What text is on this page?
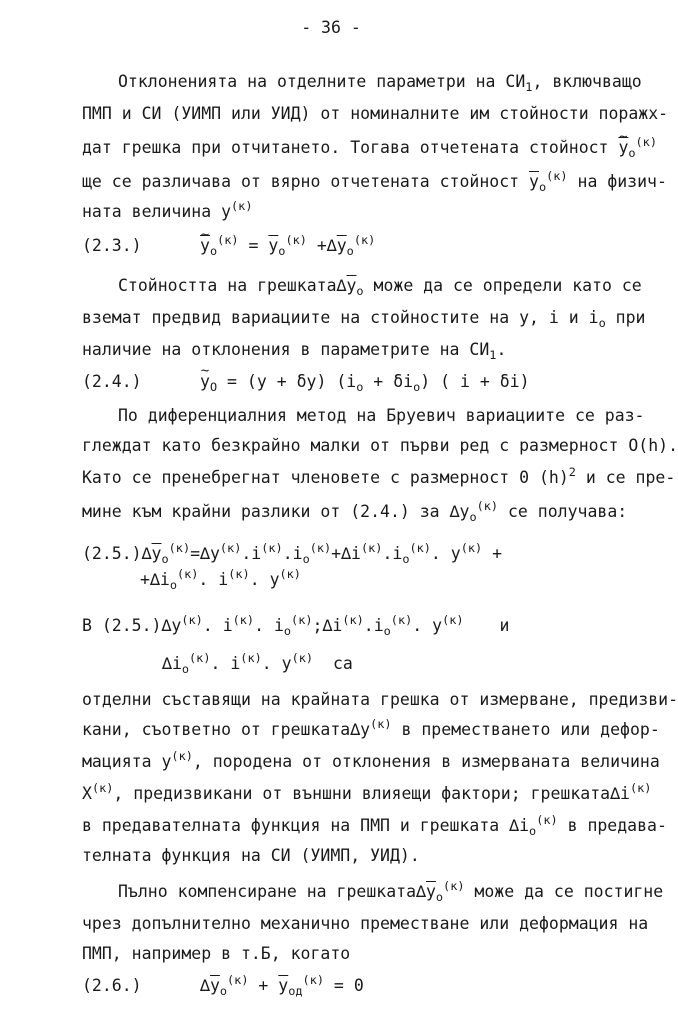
- 36 -
Отклоненията на отделните параметри на $СИ_1$, включващо
ПМП и СИ (УИМП или УИД) от номиналните им стойности поражх-
дат грешка при отчитането. Тогава отчетената стойност ~ $\overline{y}_o^{(к)}$
ще се различава от вярно отчетената стойност $\overline{y}_o^{(к)}$ на физич-
ната величина $y^{(к)}$
(2.3.)	~ $\overline{y}_o^{(к)} = \overline{y}_o^{(к)} +\Delta\overline{y}_o^{(к)}$
Стойността на $грешката\Delta\overline{y}_o$ може да се определи като се
вземат предвид вариациите на стойностите на у, i и $i_o$ при
наличие на отклонения в параметрите на $СИ_1$.
(2.4.)	~ $y_O = (y + \delta y) (i_o + \delta i_o)$ ( i + δi)
По диференциалния метод на Бруевич вариациите се раз-
глеждат като безкрайно малки от първи ред с размерност O(h).
Като се пренебрегнат членовете с размерност 0 $(h)^2$ и се пре-
мине към крайни разлики от (2.4.) за $\Delta y_o^{(к)}$ се получава:
$(2.5.)\Delta\overline{y}_o^{(к)}=\Delta y^{(к)}.i^{(к)}.i_o^{(к)}+\Delta i^{(к)}.i_o^{(к)}$. $y^{(к)}$ +
$+\Delta i_o^{(к)}$. $i^{(к)}$. $y^{(к)}$
В $(2.5.)\Delta y^{(к)}$. $i^{(к)}$. $i_o^{(к)};\Delta i^{(к)}.i_o^{(к)}$. $y^{(к)}$ и
$\Delta i_o^{(к)}$. $i^{(к)}$. $y^{(к)}$ са
отделни съставящи на крайната грешка от измерване, предизви-
кани, съответно от $грешката\Delta y^{(к)}$ в преместването или дефор-
мацията $y^{(к)}$, породена от отклонения в измерваната величина
$X^{(к)}$, предизвикани от външни влияещи фактори; $грешката\Delta i^{(к)}$
в предавателната функция на ПМП и грешката $\Delta i_o^{(к)}$ в предава-
телната функция на СИ (УИМП, УИД).
Пълно компенсиране на $грешката\Delta\overline{y}_o^{(к)}$ може да се постигне
чрез допълнително механично преместване или деформация на
ПМП, например в т.Б, когато
(2.6.)	$\Delta\overline{y}_o^{(к)} + \overline{y}_{од}^{(к)} = 0$
